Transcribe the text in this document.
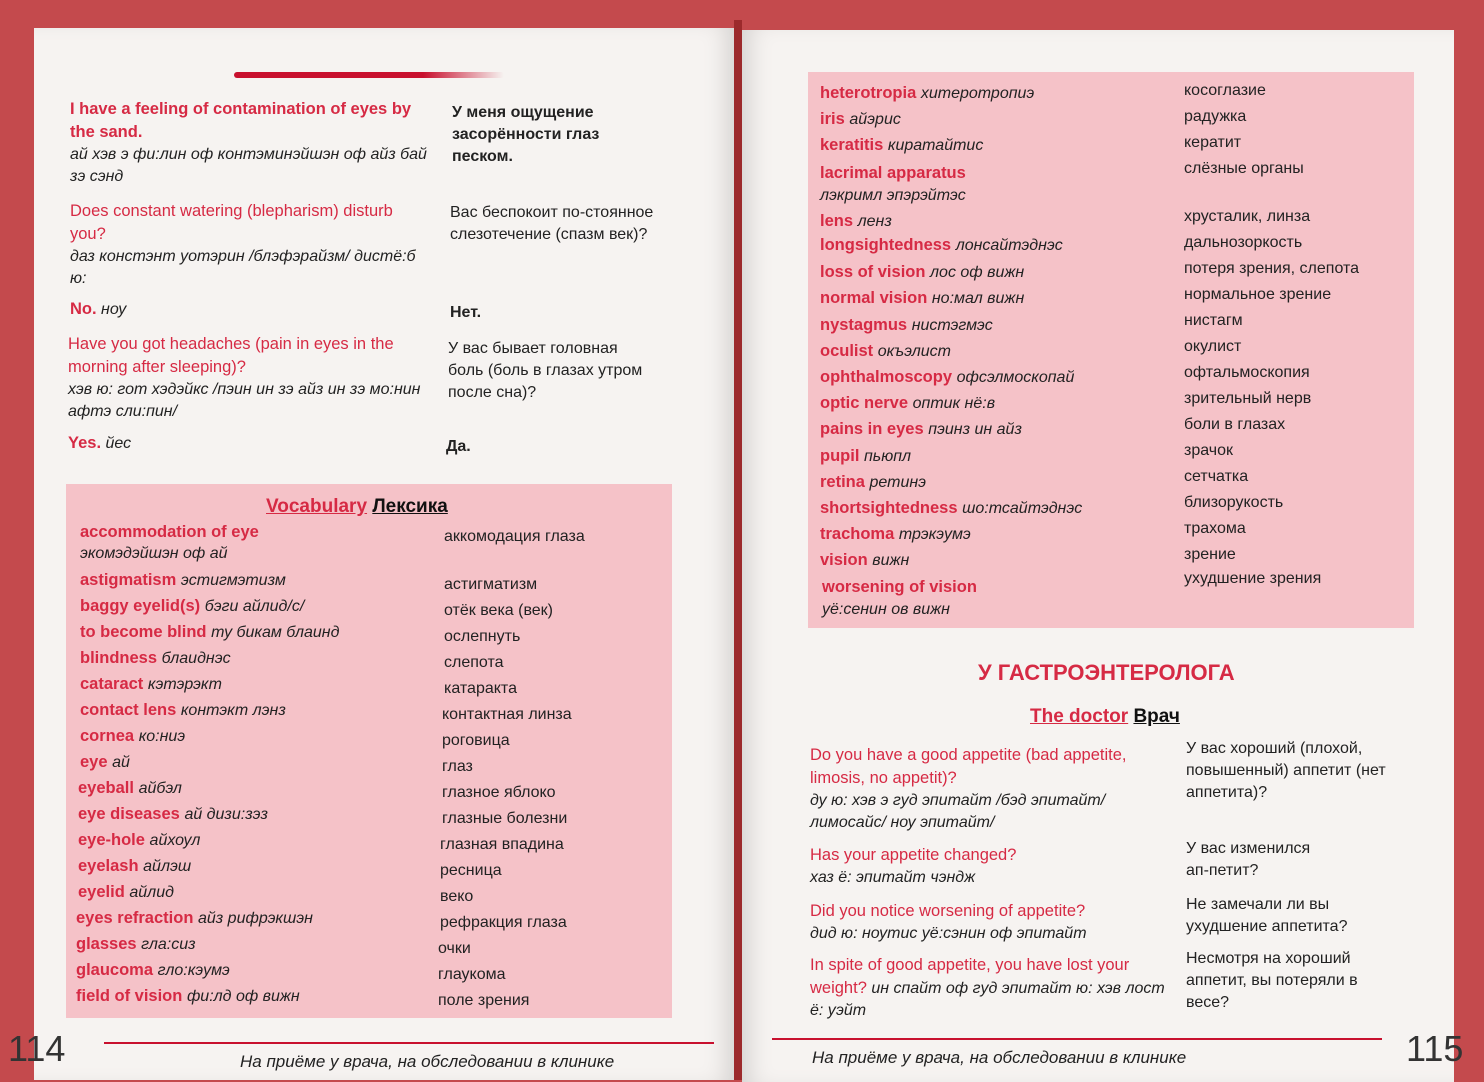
I have a feeling of contamination of eyes by the sand.
ай хэв э фи:лин оф контэминэйшэн оф айз бай зэ сэнд
У меня ощущение засорённости глаз песком.
Does constant watering (blepharism) disturb you?
даз констэнт уотэрин /блэфэрайзм/ дистё:б ю:
Вас беспокоит по-стоянное слезотечение (спазм век)?
No. ноу	Нет.
Have you got headaches (pain in eyes in the morning after sleeping)?
хэв ю: гот хэдэйкс /пэин ин зэ айз ин зэ мо:нин афтэ сли:пин/
У вас бывает головная боль (боль в глазах утром после сна)?
Yes. йес	Да.
Vocabulary Лексика
accommodation of eye
экомэдэйшэн оф ай
аккомодация глаза
astigmatism эстигмэтизм	астигматизм
baggy eyelid(s) бэги айлид/с/	отёк века (век)
to become blind ту бикам блаинд	ослепнуть
blindness блаиднэс	слепота
cataract кэтэрэкт	катаракта
contact lens контэкт лэнз	контактная линза
cornea ко:ниэ	роговица
eye ай	глаз
eyeball айбэл	глазное яблоко
eye diseases ай дизи:зэз	глазные болезни
eye-hole айхоул	глазная впадина
eyelash айлэш	ресница
eyelid айлид	веко
eyes refraction айз рифрэкшэн	рефракция глаза
glasses гла:сиз	очки
glaucoma гло:кэумэ	глаукома
field of vision фи:лд оф вижн	поле зрения
114	На приёме у врача, на обследовании в клинике
heterotropia хитеротропиэ	косоглазие
iris айэрис	радужка
keratitis киратайтис	кератит
lacrimal apparatus
лэкримл эпэрэйтэс
слёзные органы
lens ленз	хрусталик, линза
longsightedness лонсайтэднэс	дальнозоркость
loss of vision лос оф вижн	потеря зрения, слепота
normal vision но:мал вижн	нормальное зрение
nystagmus нистэгмэс	нистагм
oculist окъэлист	окулист
ophthalmoscopy офсэлмоскопай	офтальмоскопия
optic nerve оптик нё:в	зрительный нерв
pains in eyes пэинз ин айз	боли в глазах
pupil пьюпл	зрачок
retina ретинэ	сетчатка
shortsightedness шо:тсайтэднэс	близорукость
trachoma трэкэумэ	трахома
vision вижн	зрение
worsening of vision
уё:сенин ов вижн
ухудшение зрения
У ГАСТРОЭНТЕРОЛОГА
The doctor Врач
Do you have a good appetite (bad appetite, limosis, no appetit)?
ду ю: хэв э гуд эпитайт /бэд эпитайт/ лимосайс/ ноу эпитайт/
У вас хороший (плохой, повышенный) аппетит (нет аппетита)?
Has your appetite changed?
хаз ё: эпитайт чэндж
У вас изменился ап-петит?
Did you notice worsening of appetite?
дид ю: ноутис уё:сэнин оф эпитайт
Не замечали ли вы ухудшение аппетита?
In spite of good appetite, you have lost your weight? ин спайт оф гуд эпитайт ю: хэв лост ё: уэйт
Несмотря на хороший аппетит, вы потеряли в весе?
На приёме у врача, на обследовании в клинике	115
